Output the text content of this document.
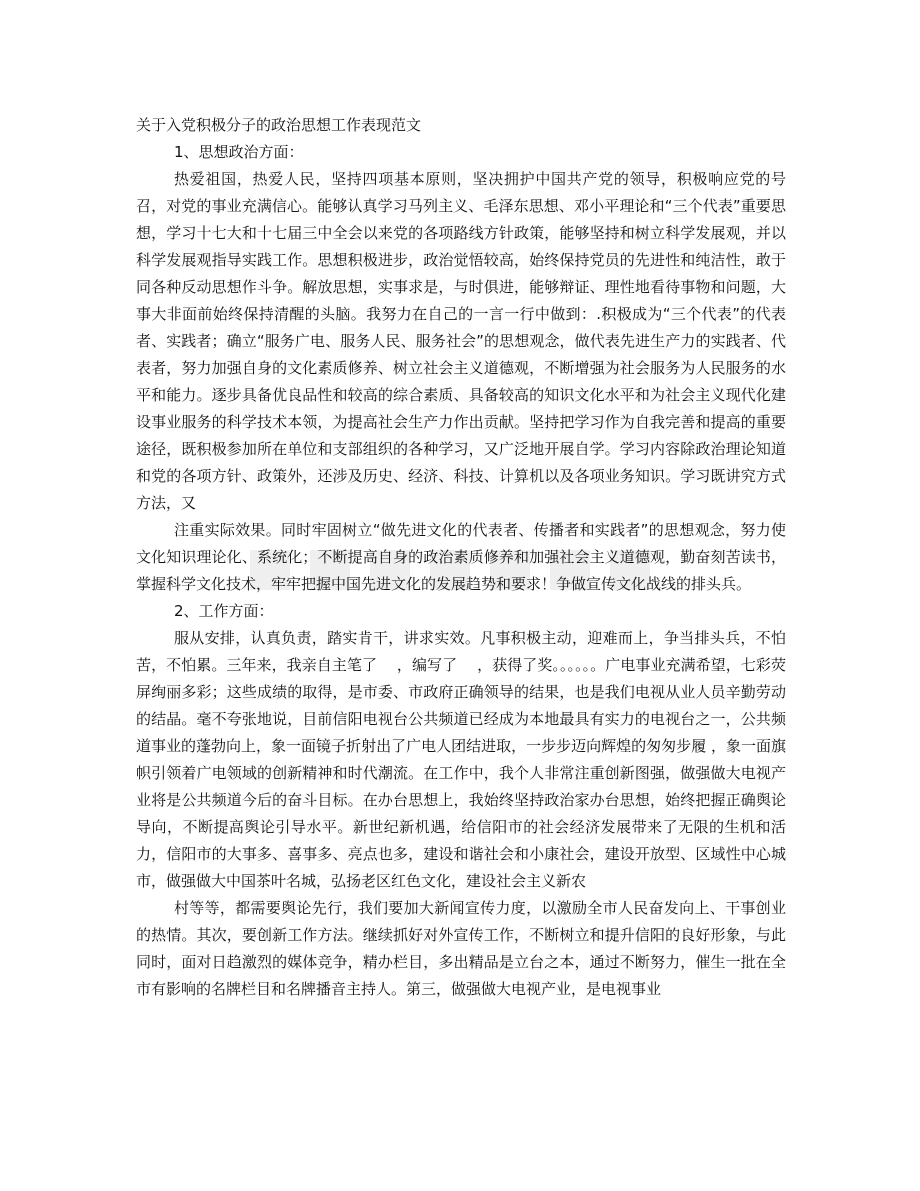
关于入党积极分子的政治思想工作表现范文

1、思想政治方面：

热爱祖国，热爱人民，坚持四项基本原则，坚决拥护中国共产党的领导，积极响应党的号召，对党的事业充满信心。能够认真学习马列主义、毛泽东思想、邓小平理论和“三个代表”重要思想，学习十七大和十七届三中全会以来党的各项路线方针政策，能够坚持和树立科学发展观，并以科学发展观指导实践工作。思想积极进步，政治觉悟较高，始终保持党员的先进性和纯洁性，敢于同各种反动思想作斗争。解放思想，实事求是，与时俱进，能够辩证、理性地看待事物和问题，大事大非面前始终保持清醒的头脑。我努力在自己的一言一行中做到：.积极成为“三个代表”的代表者、实践者；确立“服务广电、服务人民、服务社会”的思想观念，做代表先进生产力的实践者、代表者，努力加强自身的文化素质修养、树立社会主义道德观，不断增强为社会服务为人民服务的水平和能力。逐步具备优良品性和较高的综合素质、具备较高的知识文化水平和为社会主义现代化建设事业服务的科学技术本领，为提高社会生产力作出贡献。坚持把学习作为自我完善和提高的重要途径，既积极参加所在单位和支部组织的各种学习，又广泛地开展自学。学习内容除政治理论知道和党的各项方针、政策外，还涉及历史、经济、科技、计算机以及各项业务知识。学习既讲究方式方法，又

注重实际效果。同时牢固树立“做先进文化的代表者、传播者和实践者”的思想观念，努力使文化知识理论化、系统化；不断提高自身的政治素质修养和加强社会主义道德观，勤奋刻苦读书，掌握科学文化技术，牢牢把握中国先进文化的发展趋势和要求！争做宣传文化战线的排头兵。

2、工作方面：

服从安排，认真负责，踏实肯干，讲求实效。凡事积极主动，迎难而上，争当排头兵，不怕苦，不怕累。三年来，我亲自主笔了　 ，编写了　 ，获得了奖。。。。。。广电事业充满希望，七彩荧屏绚丽多彩；这些成绩的取得，是市委、市政府正确领导的结果，也是我们电视从业人员辛勤劳动的结晶。毫不夸张地说，目前信阳电视台公共频道已经成为本地最具有实力的电视台之一，公共频道事业的蓬勃向上，象一面镜子折射出了广电人团结进取，一步步迈向辉煌的匆匆步履 ，象一面旗帜引领着广电领域的创新精神和时代潮流。在工作中，我个人非常注重创新图强，做强做大电视产业将是公共频道今后的奋斗目标。在办台思想上，我始终坚持政治家办台思想，始终把握正确舆论导向，不断提高舆论引导水平。新世纪新机遇，给信阳市的社会经济发展带来了无限的生机和活力，信阳市的大事多、喜事多、亮点也多，建设和谐社会和小康社会，建设开放型、区域性中心城市，做强做大中国茶叶名城，弘扬老区红色文化，建设社会主义新农

村等等，都需要舆论先行，我们要加大新闻宣传力度，以激励全市人民奋发向上、干事创业的热情。其次，要创新工作方法。继续抓好对外宣传工作，不断树立和提升信阳的良好形象，与此同时，面对日趋激烈的媒体竞争，精办栏目，多出精品是立台之本，通过不断努力，催生一批在全市有影响的名牌栏目和名牌播音主持人。第三，做强做大电视产业，是电视事业
